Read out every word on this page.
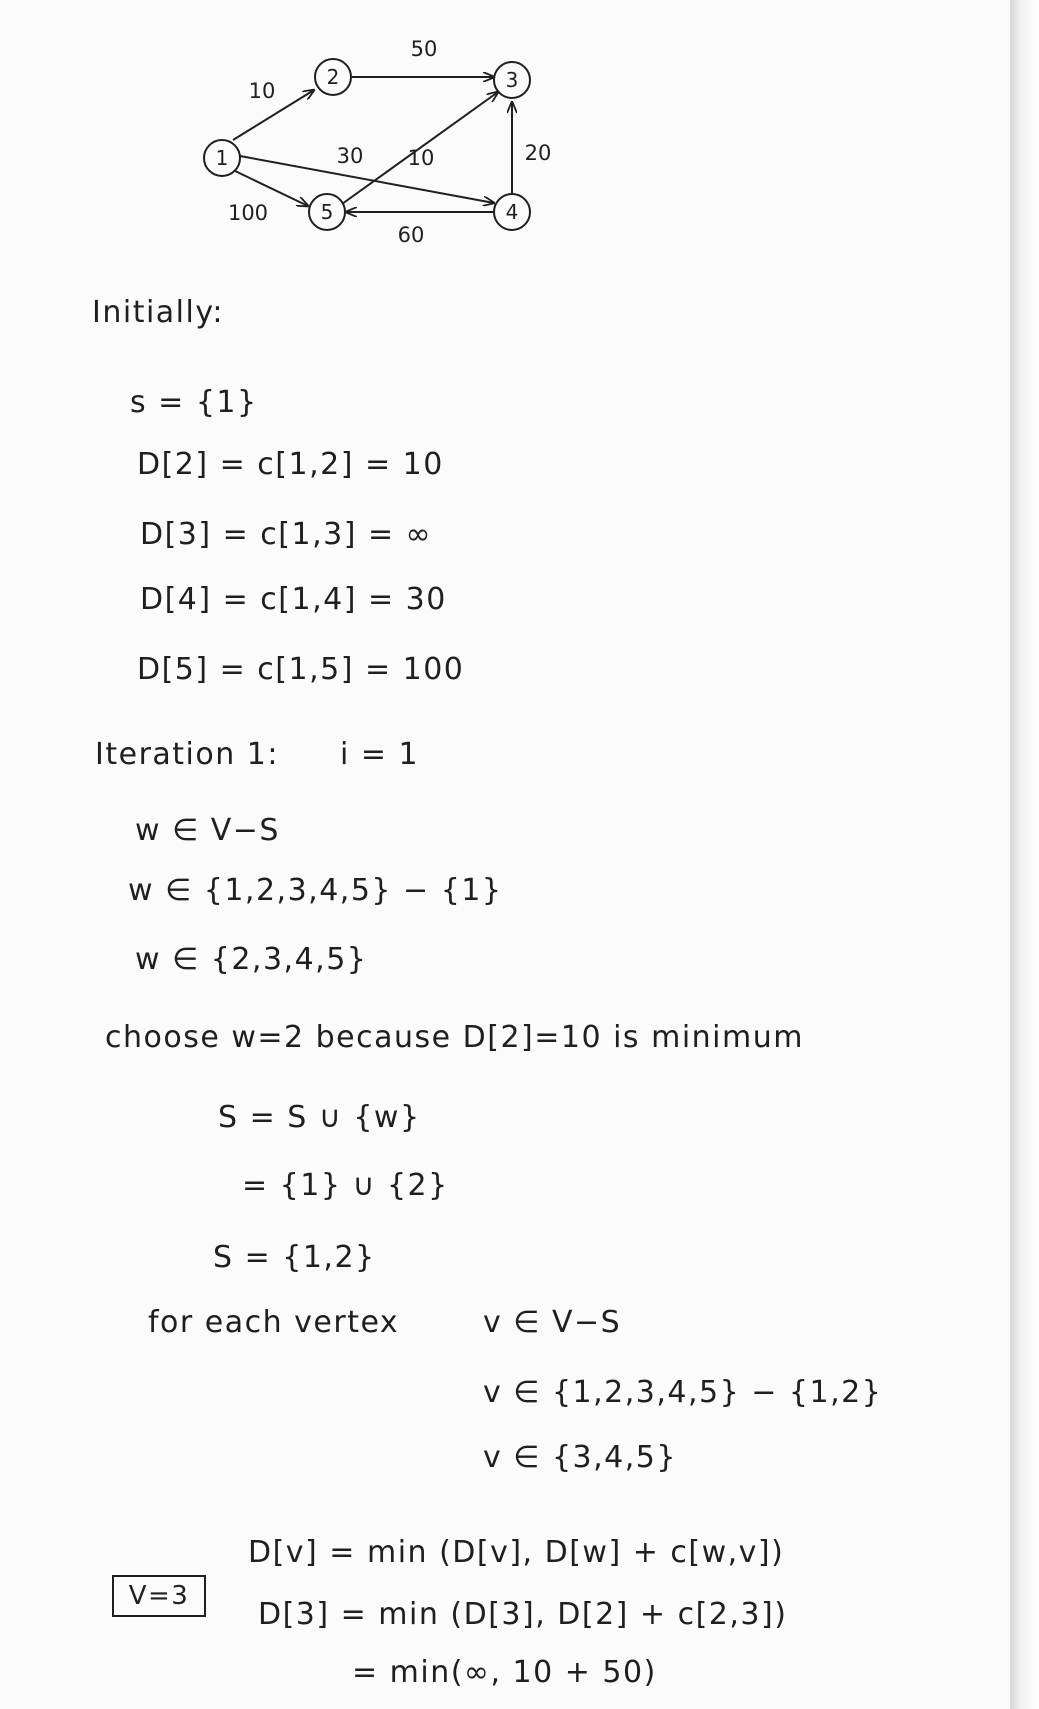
1
2	3
4
5
10
50
30 10	20
100
60
Initially:
s = {1}
D[2] = c[1,2] = 10
D[3] = c[1,3] = ∞
D[4] = c[1,4] = 30
D[5] = c[1,5] = 100
Iteration 1: i = 1
w ∈ V−S
w ∈ {1,2,3,4,5} − {1}
w ∈ {2,3,4,5}
choose w=2 because D[2]=10 is minimum
S = S ∪ {w}
= {1} ∪ {2}
S = {1,2}
for each vertex	v ∈ V−S
v ∈ {1,2,3,4,5} − {1,2}
v ∈ {3,4,5}
V=3
D[v] = min (D[v], D[w] + c[w,v])
D[3] = min (D[3], D[2] + c[2,3])
= min(∞, 10 + 50)
